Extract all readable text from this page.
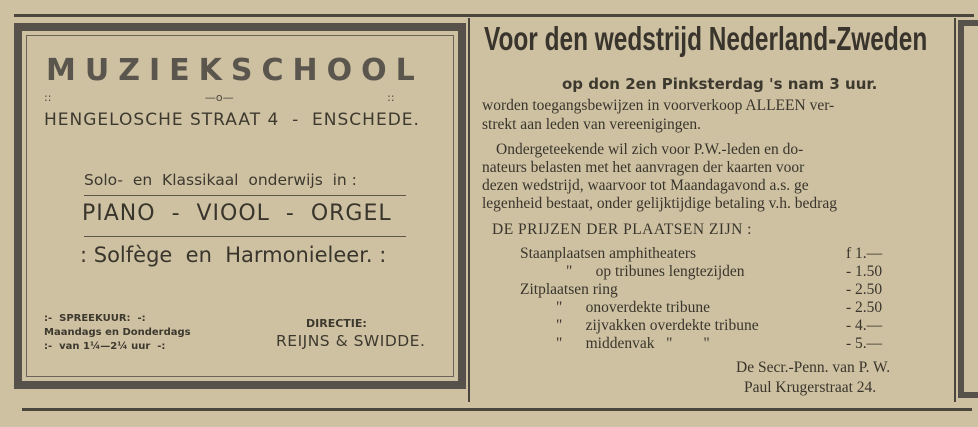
MUZIEKSCHOOL
:: —o— ::
HENGELOSCHE STRAAT 4  -  ENSCHEDE.
Solo-  en  Klassikaal  onderwijs  in :
PIANO  -  VIOOL  -  ORGEL
: Solfège  en  Harmonieleer. :
:-  SPREEKUUR:  -:
Maandags en Donderdags
:-  van 1¼—2¼ uur  -:
DIRECTIE:
REIJNS & SWIDDE.
Voor den wedstrijd Nederland-Zweden
op don 2en Pinksterdag 's nam 3 uur.
worden toegangsbewijzen in voorverkoop ALLEEN ver-
strekt aan leden van vereenigingen.
Ondergeteekende wil zich voor P.W.-leden en do-
nateurs belasten met het aanvragen der kaarten voor
dezen wedstrijd, waarvoor tot Maandagavond a.s. ge
legenheid bestaat, onder gelijktijdige betaling v.h. bedrag
DE PRIJZEN DER PLAATSEN ZIJN :
Staanplaatsen amphitheaters	f 1.—
"      op tribunes lengtezijden	- 1.50
Zitplaatsen ring	- 2.50
"      onoverdekte tribune	- 2.50
"      zijvakken overdekte tribune	- 4.—
"      middenvak   "        "	- 5.—
De Secr.-Penn. van P. W.
Paul Krugerstraat 24.
